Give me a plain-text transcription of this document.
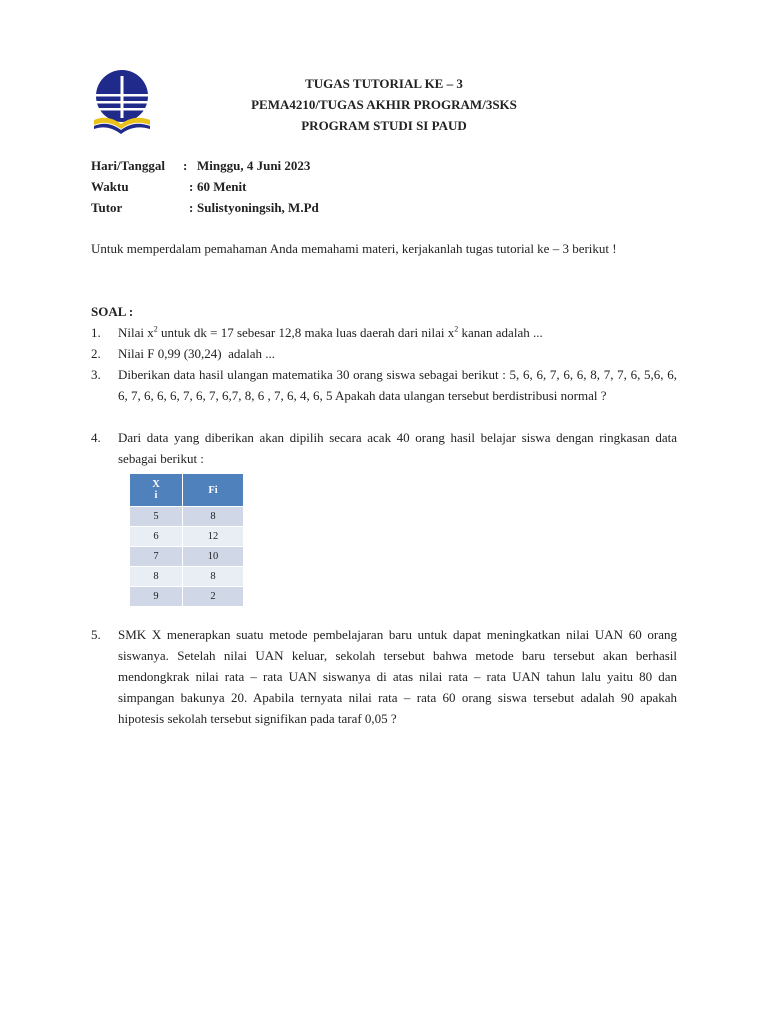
TUGAS TUTORIAL KE – 3
PEMA4210/TUGAS AKHIR PROGRAM/3SKS
PROGRAM STUDI SI PAUD
Hari/Tanggal : Minggu, 4 Juni 2023
Waktu	: 60 Menit
Tutor	: Sulistyoningsih, M.Pd
Untuk memperdalam pemahaman Anda memahami materi, kerjakanlah tugas tutorial ke – 3 berikut !
SOAL :
1. Nilai $x^2$ untuk dk = 17 sebesar 12,8 maka luas daerah dari nilai $x^2$ kanan adalah ...
2. Nilai F 0,99 (30,24)  adalah ...
3. Diberikan data hasil ulangan matematika 30 orang siswa sebagai berikut : 5, 6, 6, 7, 6, 6, 8, 7, 7, 6, 5,6, 6, 6, 7, 6, 6, 6, 7, 6, 7, 6,7, 8, 6 , 7, 6, 4, 6, 5 Apakah data ulangan tersebut berdistribusi normal ?
4. Dari data yang diberikan akan dipilih secara acak 40 orang hasil belajar siswa dengan ringkasan data sebagai berikut :
X
i	Fi
5	8
6	12
7	10
8	8
9	2
5. SMK X menerapkan suatu metode pembelajaran baru untuk dapat meningkatkan nilai UAN 60 orang siswanya. Setelah nilai UAN keluar, sekolah tersebut bahwa metode baru tersebut akan berhasil mendongkrak nilai rata – rata UAN siswanya di atas nilai rata – rata UAN tahun lalu yaitu 80 dan simpangan bakunya 20. Apabila ternyata nilai rata – rata 60 orang siswa tersebut adalah 90 apakah hipotesis sekolah tersebut signifikan pada taraf 0,05 ?
